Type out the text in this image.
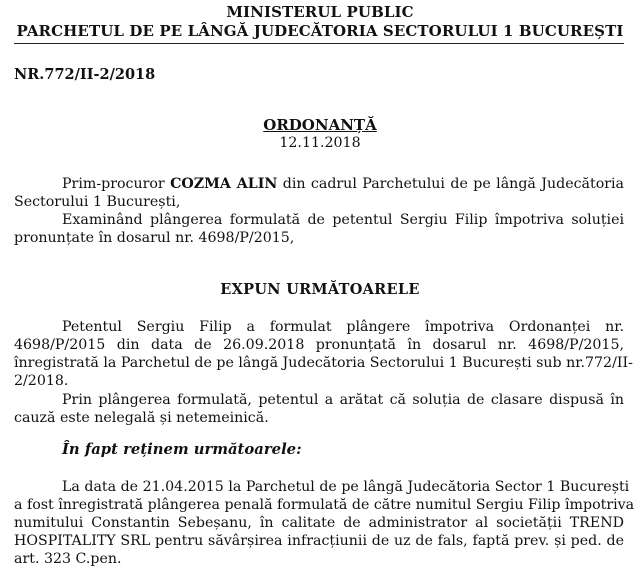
MINISTERUL PUBLIC
PARCHETUL DE PE LÂNGĂ JUDECĂTORIA SECTORULUI 1 BUCUREȘTI
NR.772/II-2/2018
ORDONANȚĂ
12.11.2018
Prim-procuror COZMA ALIN din cadrul Parchetului de pe lângă Judecătoria
Sectorului 1 București,
Examinând plângerea formulată de petentul Sergiu Filip împotriva soluției
pronunțate în dosarul nr. 4698/P/2015,
EXPUN URMĂTOARELE
Petentul Sergiu Filip a formulat plângere împotriva Ordonanței nr.
4698/P/2015 din data de 26.09.2018 pronunțată în dosarul nr. 4698/P/2015,
înregistrată la Parchetul de pe lângă Judecătoria Sectorului 1 București sub nr.772/II-
2/2018.
Prin plângerea formulată, petentul a arătat că soluția de clasare dispusă în
cauză este nelegală și netemeinică.
În fapt reținem următoarele:
La data de 21.04.2015 la Parchetul de pe lângă Judecătoria Sector 1 București
a fost înregistrată plângerea penală formulată de către numitul Sergiu Filip împotriva
numitului Constantin Sebeșanu, în calitate de administrator al societății TREND
HOSPITALITY SRL pentru săvârșirea infracțiunii de uz de fals, faptă prev. și ped. de
art. 323 C.pen.
